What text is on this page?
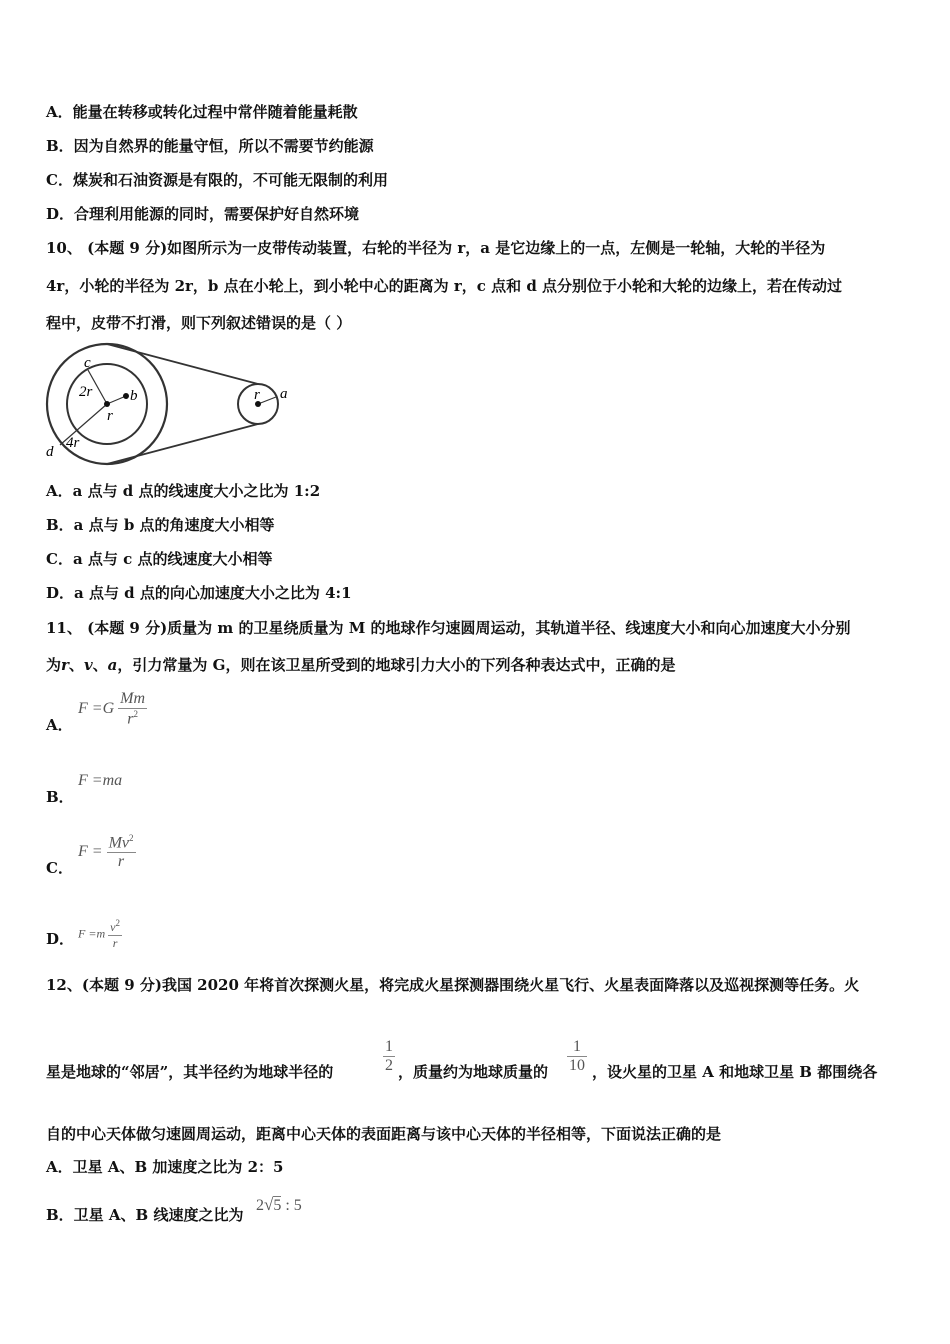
A．能量在转移或转化过程中常伴随着能量耗散
B．因为自然界的能量守恒，所以不需要节约能源
C．煤炭和石油资源是有限的，不可能无限制的利用
D．合理利用能源的同时，需要保护好自然环境
10、 (本题 9 分)如图所示为一皮带传动装置，右轮的半径为 r，a 是它边缘上的一点，左侧是一轮轴，大轮的半径为
4r，小轮的半径为 2r，b 点在小轮上，到小轮中心的距离为 r，c 点和 d 点分别位于小轮和大轮的边缘上，若在传动过
程中，皮带不打滑，则下列叙述错误的是（ ）
c
2r	b
r
r a
4r
d
A．a 点与 d 点的线速度大小之比为 1:2
B．a 点与 b 点的角速度大小相等
C．a 点与 c 点的线速度大小相等
D．a 点与 d 点的向心加速度大小之比为 4:1
11、 (本题 9 分)质量为 m 的卫星绕质量为 M 的地球作匀速圆周运动，其轨道半径、线速度大小和向心加速度大小分别
为r、v、a，引力常量为 G，则在该卫星所受到的地球引力大小的下列各种表达式中，正确的是
A．
$F =G \frac{Mm}{r^2}$
B．
F =ma
C．
$F = \frac{Mv^2}{r}$
D． $F =m \frac{v^2}{r}$
12、(本题 9 分)我国 2020 年将首次探测火星，将完成火星探测器围绕火星飞行、火星表面降落以及巡视探测等任务。火
星是地球的“邻居”，其半径约为地球半径的	$\frac{1}{2}$ ，质量约为地球质量的 $\frac{1}{10}$ ，设火星的卫星 A 和地球卫星 B 都围绕各
自的中心天体做匀速圆周运动，距离中心天体的表面距离与该中心天体的半径相等，下面说法正确的是
A．卫星 A、B 加速度之比为 2：5
B．卫星 A、B 线速度之比为
2√5 : 5
